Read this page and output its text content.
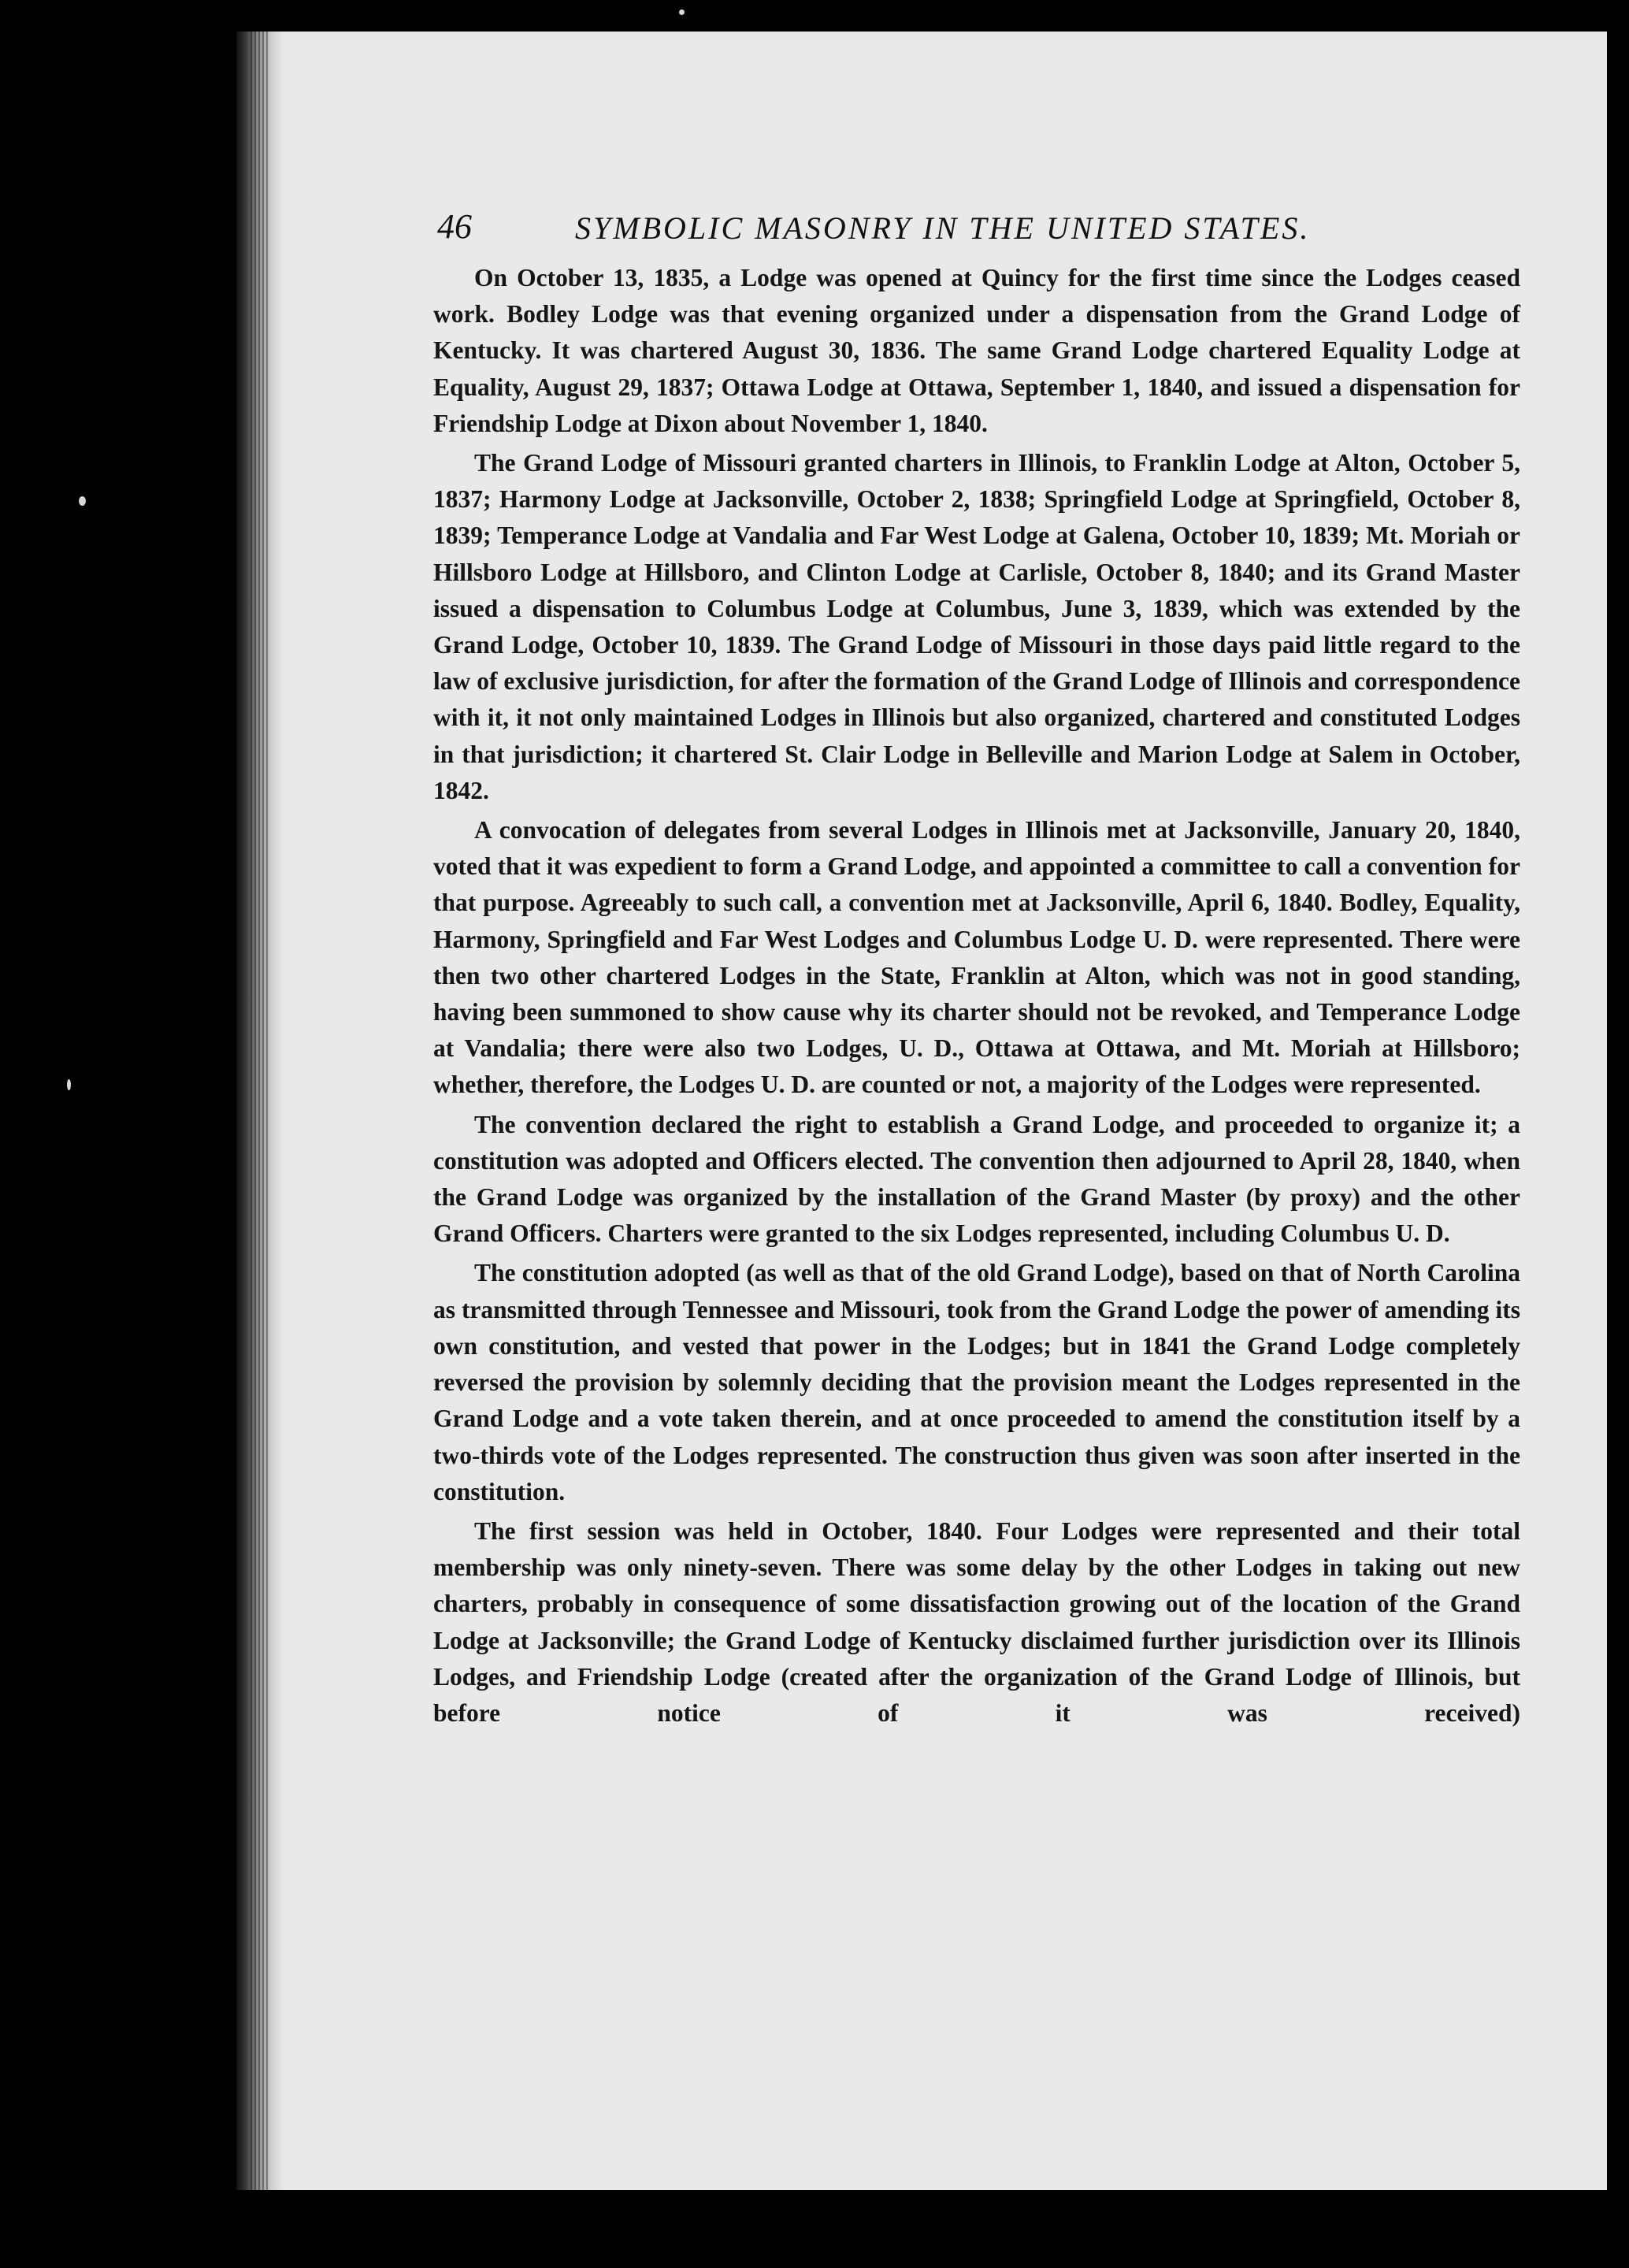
46	SYMBOLIC MASONRY IN THE UNITED STATES.

On October 13, 1835, a Lodge was opened at Quincy for the first time since the Lodges ceased work. Bodley Lodge was that evening organized under a dispensation from the Grand Lodge of Kentucky. It was chartered August 30, 1836. The same Grand Lodge chartered Equality Lodge at Equality, August 29, 1837; Ottawa Lodge at Ottawa, September 1, 1840, and issued a dispensation for Friendship Lodge at Dixon about November 1, 1840.

The Grand Lodge of Missouri granted charters in Illinois, to Franklin Lodge at Alton, October 5, 1837; Harmony Lodge at Jacksonville, October 2, 1838; Springfield Lodge at Springfield, October 8, 1839; Temperance Lodge at Vandalia and Far West Lodge at Galena, October 10, 1839; Mt. Moriah or Hillsboro Lodge at Hillsboro, and Clinton Lodge at Carlisle, October 8, 1840; and its Grand Master issued a dispensation to Columbus Lodge at Columbus, June 3, 1839, which was extended by the Grand Lodge, October 10, 1839. The Grand Lodge of Missouri in those days paid little regard to the law of exclusive jurisdiction, for after the formation of the Grand Lodge of Illinois and correspondence with it, it not only maintained Lodges in Illinois but also organized, chartered and constituted Lodges in that jurisdiction; it chartered St. Clair Lodge in Belleville and Marion Lodge at Salem in October, 1842.

A convocation of delegates from several Lodges in Illinois met at Jacksonville, January 20, 1840, voted that it was expedient to form a Grand Lodge, and appointed a committee to call a convention for that purpose. Agreeably to such call, a convention met at Jacksonville, April 6, 1840. Bodley, Equality, Harmony, Springfield and Far West Lodges and Columbus Lodge U. D. were represented. There were then two other chartered Lodges in the State, Franklin at Alton, which was not in good standing, having been summoned to show cause why its charter should not be revoked, and Temperance Lodge at Vandalia; there were also two Lodges, U. D., Ottawa at Ottawa, and Mt. Moriah at Hillsboro; whether, therefore, the Lodges U. D. are counted or not, a majority of the Lodges were represented.

The convention declared the right to establish a Grand Lodge, and proceeded to organize it; a constitution was adopted and Officers elected. The convention then adjourned to April 28, 1840, when the Grand Lodge was organized by the installation of the Grand Master (by proxy) and the other Grand Officers. Charters were granted to the six Lodges represented, including Columbus U. D.

The constitution adopted (as well as that of the old Grand Lodge), based on that of North Carolina as transmitted through Tennessee and Missouri, took from the Grand Lodge the power of amending its own constitution, and vested that power in the Lodges; but in 1841 the Grand Lodge completely reversed the provision by solemnly deciding that the provision meant the Lodges represented in the Grand Lodge and a vote taken therein, and at once proceeded to amend the constitution itself by a two-thirds vote of the Lodges represented. The construction thus given was soon after inserted in the constitution.

The first session was held in October, 1840. Four Lodges were represented and their total membership was only ninety-seven. There was some delay by the other Lodges in taking out new charters, probably in consequence of some dissatisfaction growing out of the location of the Grand Lodge at Jacksonville; the Grand Lodge of Kentucky disclaimed further jurisdiction over its Illinois Lodges, and Friendship Lodge (created after the organization of the Grand Lodge of Illinois, but before notice of it was received)
